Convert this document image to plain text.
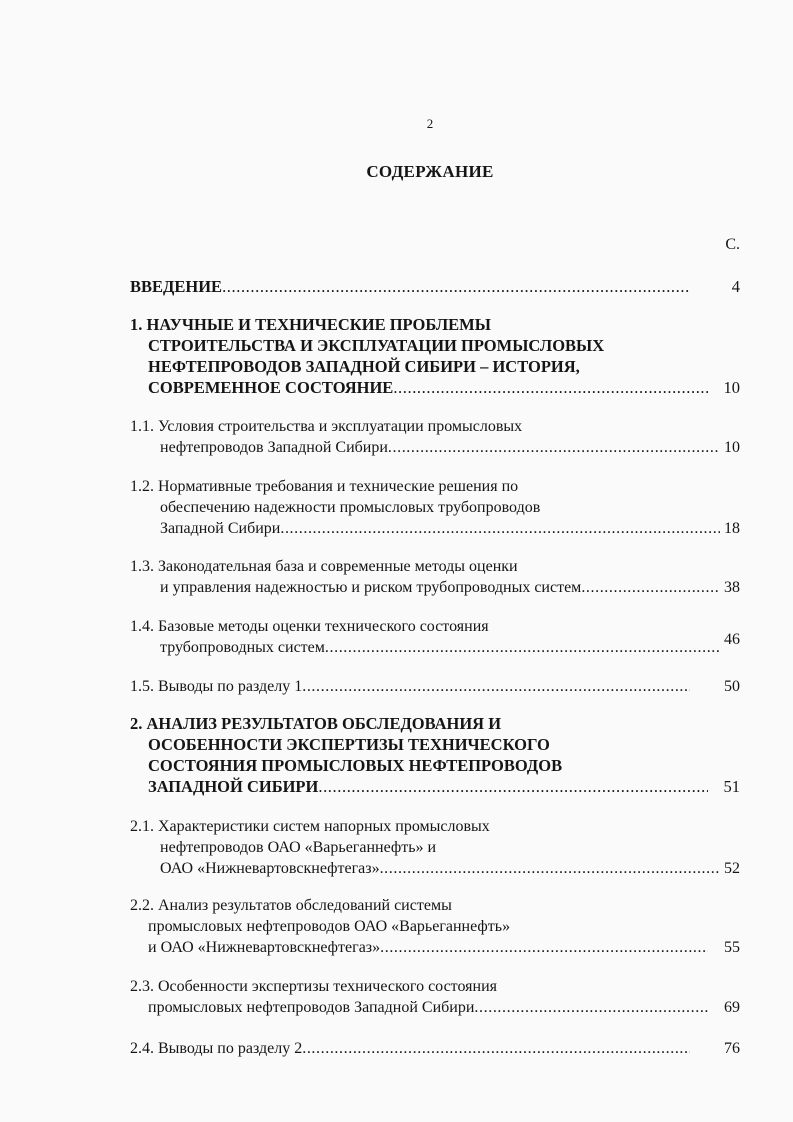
2
СОДЕРЖАНИЕ
С.
ВВЕДЕНИЕ .....	4
1. НАУЧНЫЕ И ТЕХНИЧЕСКИЕ ПРОБЛЕМЫ
СТРОИТЕЛЬСТВА И ЭКСПЛУАТАЦИИ ПРОМЫСЛОВЫХ
НЕФТЕПРОВОДОВ ЗАПАДНОЙ СИБИРИ – ИСТОРИЯ,
СОВРЕМЕННОЕ СОСТОЯНИЕ .....	10
1.1. Условия строительства и эксплуатации промысловых
нефтепроводов Западной Сибири .....	10
1.2. Нормативные требования и технические решения по
обеспечению надежности промысловых трубопроводов
Западной Сибири .....	18
1.3. Законодательная база и современные методы оценки
и управления надежностью и риском трубопроводных систем .....	38
1.4. Базовые методы оценки технического состояния
трубопроводных систем .....	46
1.5. Выводы по разделу 1 .....	50
2. АНАЛИЗ РЕЗУЛЬТАТОВ ОБСЛЕДОВАНИЯ И
ОСОБЕННОСТИ ЭКСПЕРТИЗЫ ТЕХНИЧЕСКОГО
СОСТОЯНИЯ ПРОМЫСЛОВЫХ НЕФТЕПРОВОДОВ
ЗАПАДНОЙ СИБИРИ .....	51
2.1. Характеристики систем напорных промысловых
нефтепроводов ОАО «Варьеганнефть» и
ОАО «Нижневартовскнефтегаз» .....	52
2.2. Анализ результатов обследований системы
промысловых нефтепроводов ОАО «Варьеганнефть»
и ОАО «Нижневартовскнефтегаз» .....	55
2.3. Особенности экспертизы технического состояния
промысловых нефтепроводов Западной Сибири .....	69
2.4. Выводы по разделу 2 .....	76
